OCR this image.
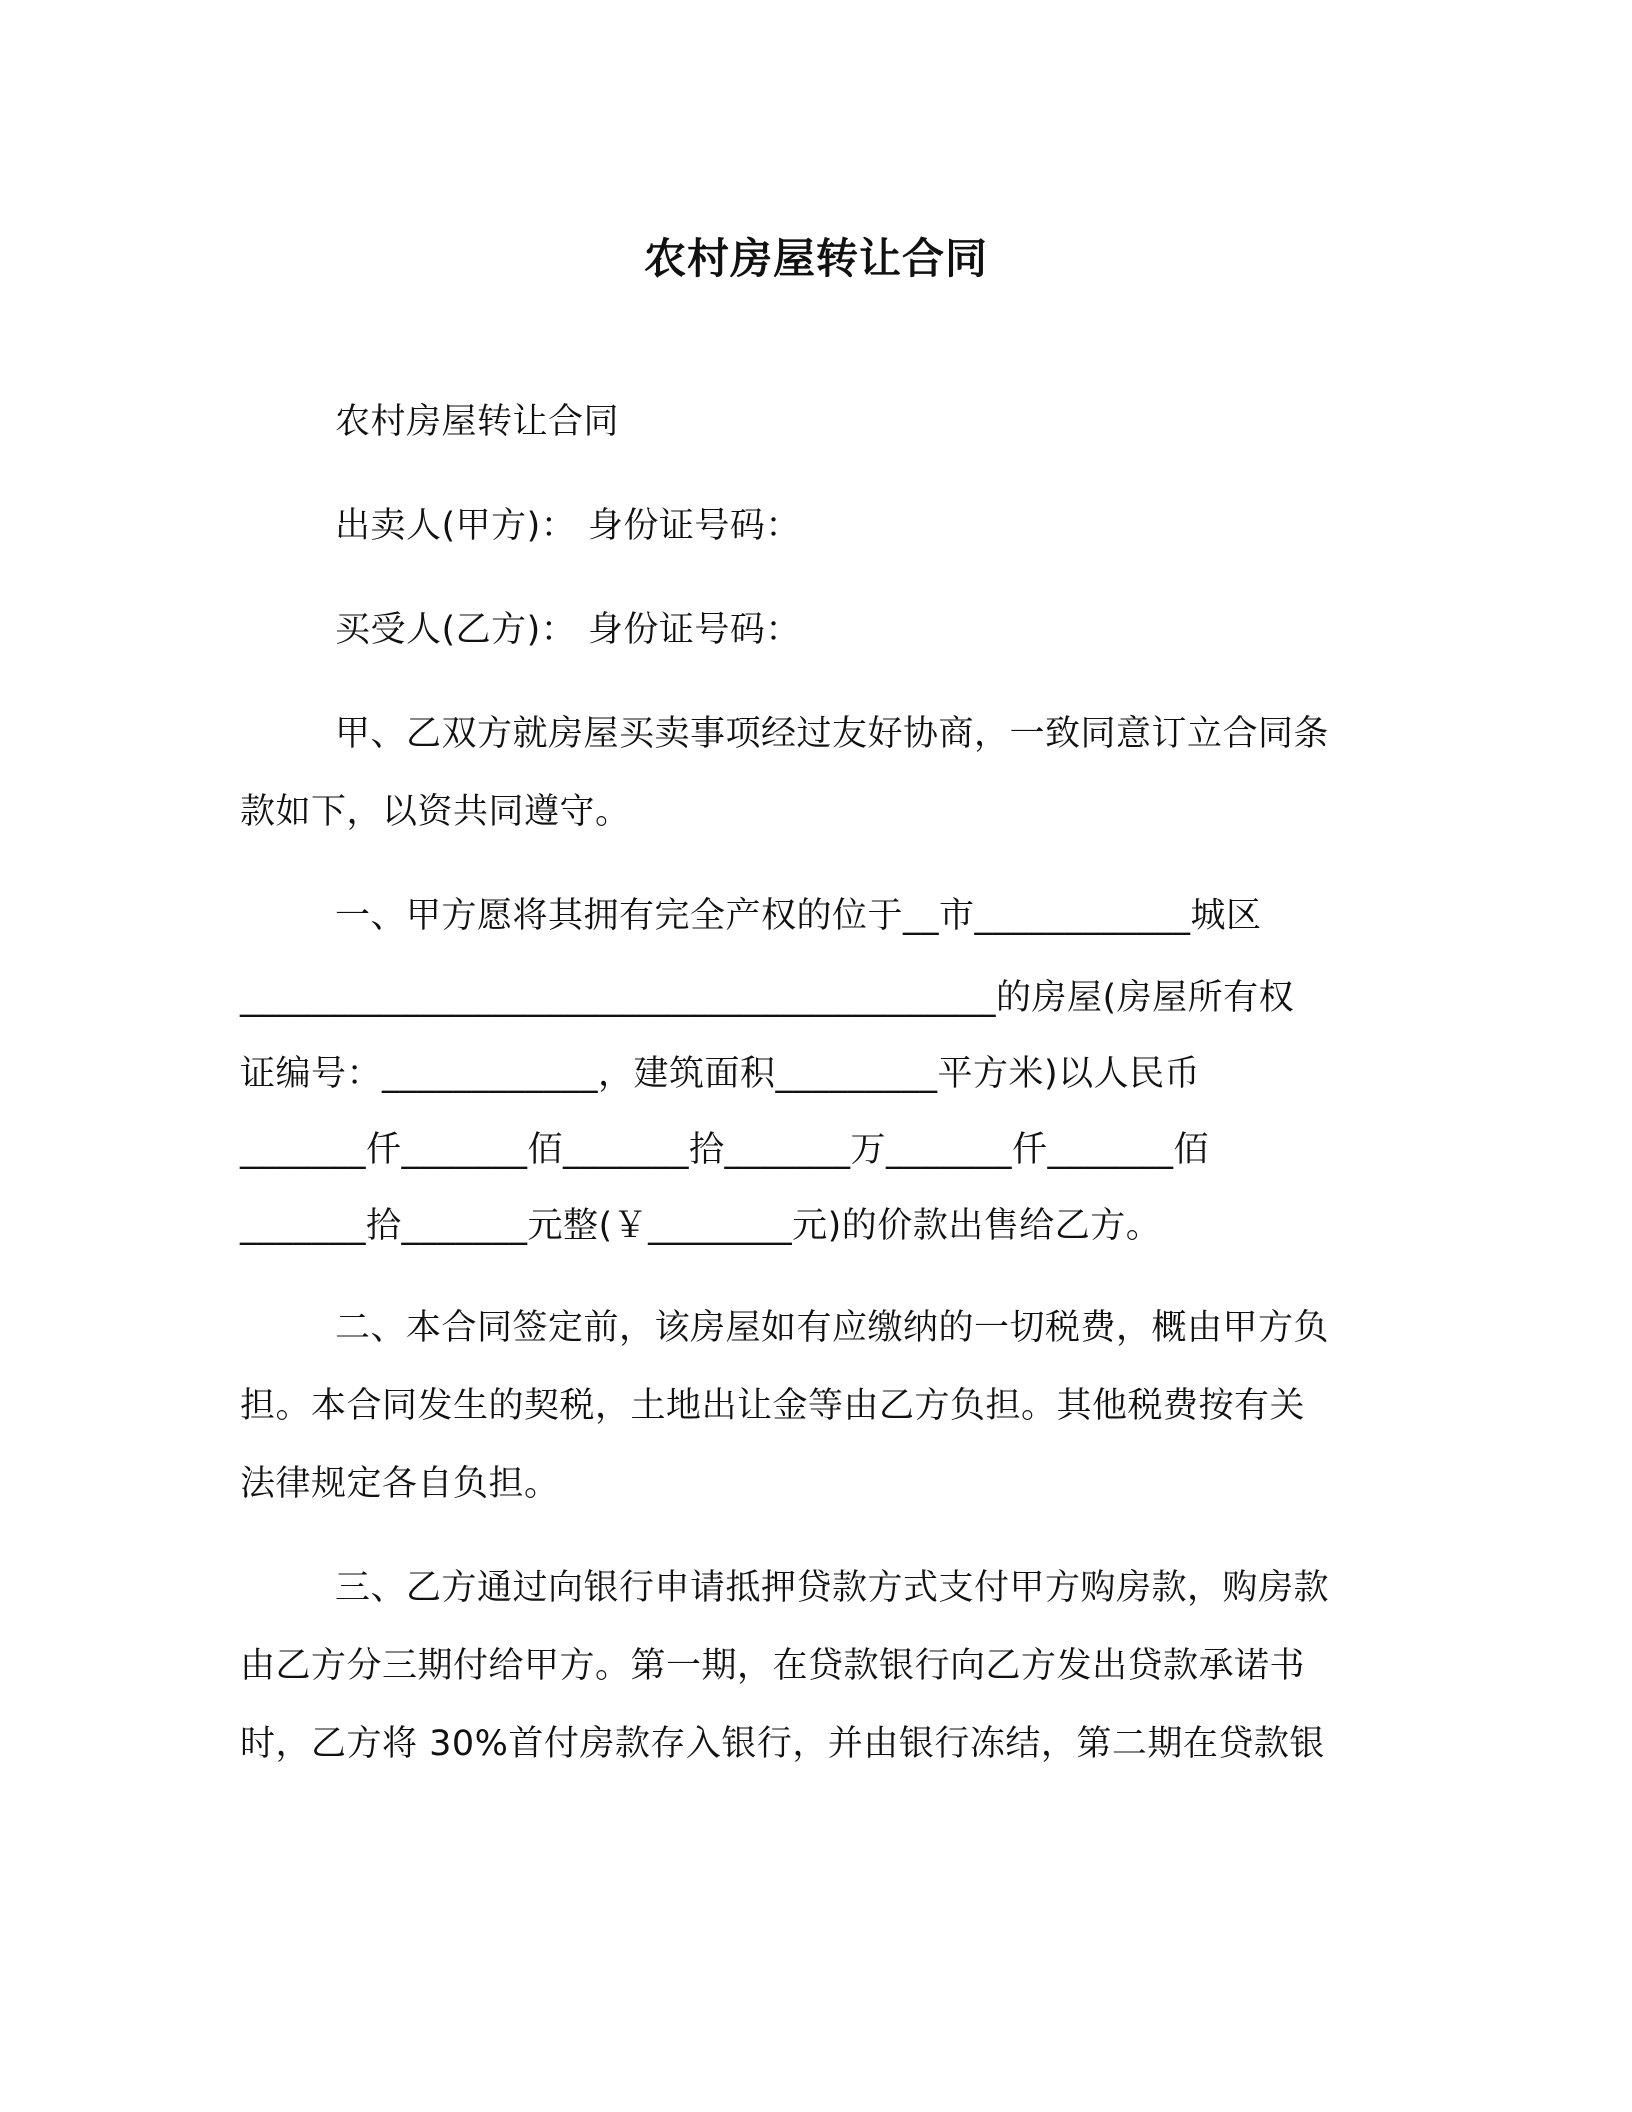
农村房屋转让合同
农村房屋转让合同
出卖人(甲方)： 身份证号码：
买受人(乙方)： 身份证号码：
甲、乙双方就房屋买卖事项经过友好协商，一致同意订立合同条
款如下，以资共同遵守。
一、甲方愿将其拥有完全产权的位于__市____________城区
__________________________________________的房屋(房屋所有权
证编号：____________，建筑面积_________平方米)以人民币
_______仟_______佰_______拾_______万_______仟_______佰
_______拾_______元整(￥________元)的价款出售给乙方。
二、本合同签定前，该房屋如有应缴纳的一切税费，概由甲方负
担。本合同发生的契税，土地出让金等由乙方负担。其他税费按有关
法律规定各自负担。
三、乙方通过向银行申请抵押贷款方式支付甲方购房款，购房款
由乙方分三期付给甲方。第一期，在贷款银行向乙方发出贷款承诺书
时，乙方将 30%首付房款存入银行，并由银行冻结，第二期在贷款银
